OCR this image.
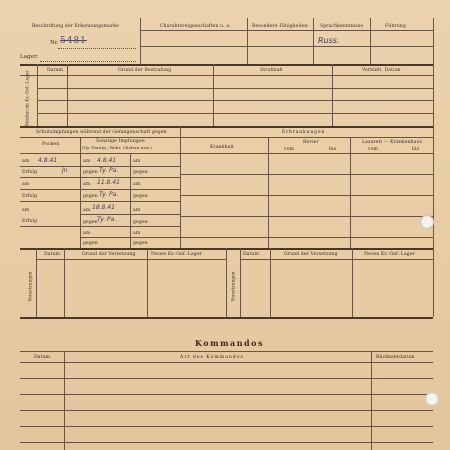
Beschriftung der Erkennungsmarke
Nr. 5481
Lager:
Charaktereigenschaften u. a.	Besondere Fähigkeiten	Sprachkenntnisse	Führung
Russ.
Datum	Grund der Bestrafung	Strafmaß	Verbüßt, Datum
Strafen im Kr.-Gef.-Lager
Schutzimpfungen während der Gefangenschaft gegen
Pocken
Sonstige Impfungen
(Tp.-Paratp., Ruhr, Cholera usw.)
am 4.8.41	am 4.8.41	am
Erfolg	Jn	gegen Ty. Pa.	gegen
am	am 11.8.41	am
Erfolg	gegen Ty. Pa.	gegen
am	am 18.8.41	am
Erfolg	gegen Ty. Pa.	gegen
am	am
gegen	gegen
Erkrankungen
Krankheit
Revier
vom	bis
Lazarett — Krankenhaus
vom	bis
Datum	Grund der Versetzung	Neues Kr.-Gef.-Lager	Datum	Grund der Versetzung	Neues Kr.-Gef.-Lager
Versetzungen	Versetzungen
Kommandos
Datum	Art des Kommandos	Rückkehrdatum
